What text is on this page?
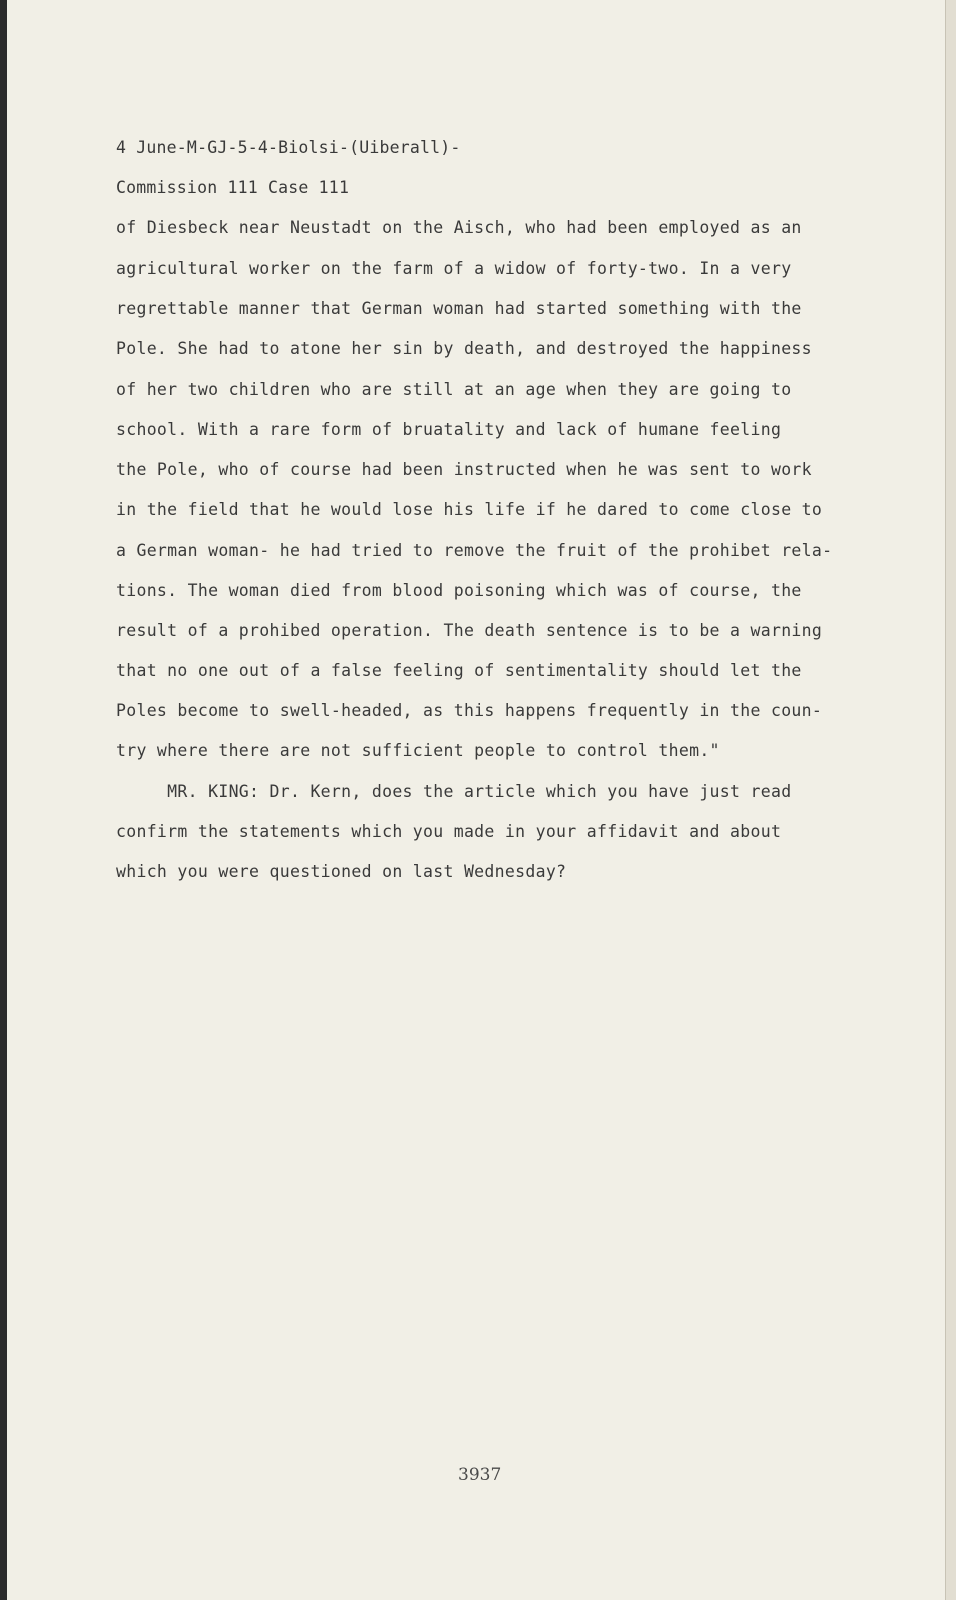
4 June-M-GJ-5-4-Biolsi-(Uiberall)-
Commission 111 Case 111
of Diesbeck near Neustadt on the Aisch, who had been employed as an
agricultural worker on the farm of a widow of forty-two. In a very
regrettable manner that German woman had started something with the
Pole. She had to atone her sin by death, and destroyed the happiness
of her two children who are still at an age when they are going to
school. With a rare form of bruatality and lack of humane feeling
the Pole, who of course had been instructed when he was sent to work
in the field that he would lose his life if he dared to come close to
a German woman- he had tried to remove the fruit of the prohibet rela-
tions. The woman died from blood poisoning which was of course, the
result of a prohibed operation. The death sentence is to be a warning
that no one out of a false feeling of sentimentality should let the
Poles become to swell-headed, as this happens frequently in the coun-
try where there are not sufficient people to control them."
MR. KING: Dr. Kern, does the article which you have just read
confirm the statements which you made in your affidavit and about
which you were questioned on last Wednesday?
3937
